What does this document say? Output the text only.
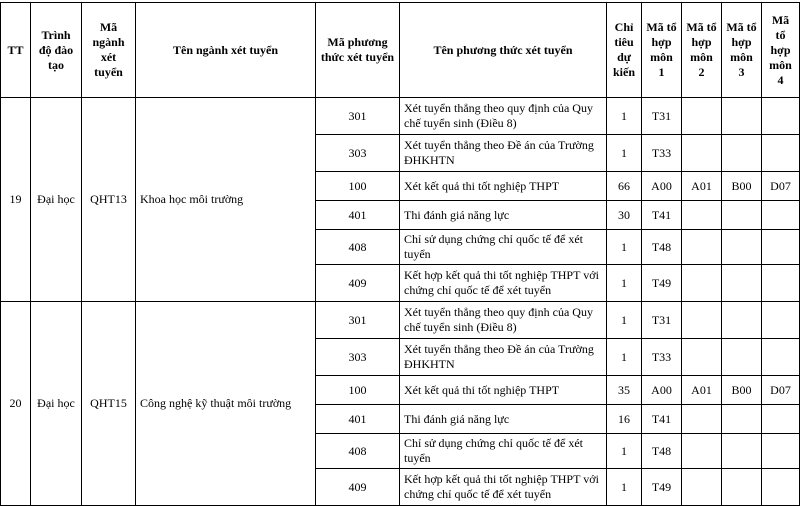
TT	Trình độ đào tạo	Mã ngành xét tuyển	Tên ngành xét tuyển	Mã phương thức xét tuyển	Tên phương thức xét tuyển	Chỉ tiêu dự kiến	Mã tổ hợp môn 1	Mã tổ hợp môn 2	Mã tổ hợp môn 3	Mã tổ hợp môn 4
19	Đại học	QHT13	Khoa học môi trường	301	Xét tuyển thẳng theo quy định của Quy chế tuyển sinh (Điều 8)	1	T31			
				303	Xét tuyển thẳng theo Đề án của Trường ĐHKHTN	1	T33			
				100	Xét kết quả thi tốt nghiệp THPT	66	A00	A01	B00	D07
				401	Thi đánh giá năng lực	30	T41			
				408	Chỉ sử dụng chứng chỉ quốc tế để xét tuyển	1	T48			
				409	Kết hợp kết quả thi tốt nghiệp THPT với chứng chỉ quốc tế để xét tuyển	1	T49			
20	Đại học	QHT15	Công nghệ kỹ thuật môi trường	301	Xét tuyển thẳng theo quy định của Quy chế tuyển sinh (Điều 8)	1	T31			
				303	Xét tuyển thẳng theo Đề án của Trường ĐHKHTN	1	T33			
				100	Xét kết quả thi tốt nghiệp THPT	35	A00	A01	B00	D07
				401	Thi đánh giá năng lực	16	T41			
				408	Chỉ sử dụng chứng chỉ quốc tế để xét tuyển	1	T48			
				409	Kết hợp kết quả thi tốt nghiệp THPT với chứng chỉ quốc tế để xét tuyển	1	T49			
